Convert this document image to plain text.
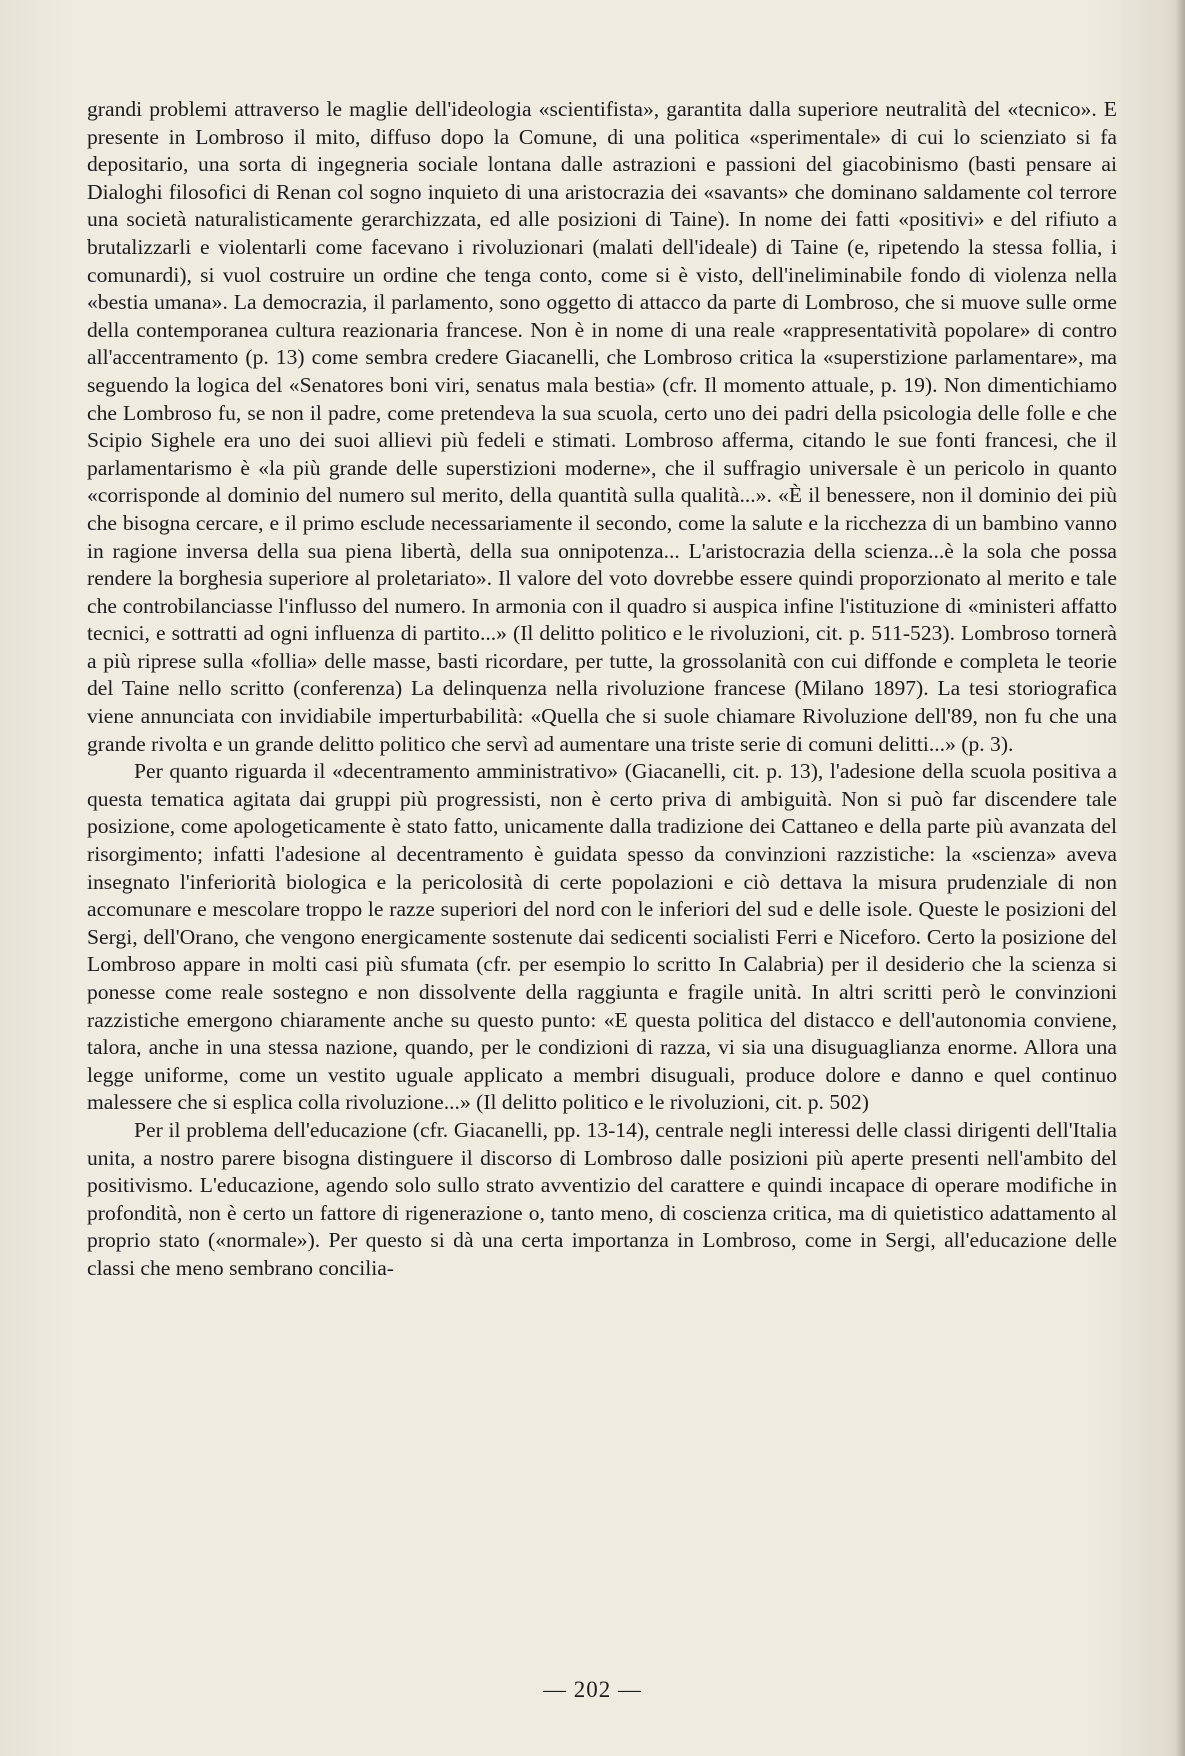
grandi problemi attraverso le maglie dell'ideologia «scientifista», garantita dalla superiore neutralità del «tecnico». E presente in Lombroso il mito, diffuso dopo la Comune, di una politica «sperimentale» di cui lo scienziato si fa depositario, una sorta di ingegneria sociale lontana dalle astrazioni e passioni del giacobinismo (basti pensare ai Dialoghi filosofici di Renan col sogno inquieto di una aristocrazia dei «savants» che dominano saldamente col terrore una società naturalisticamente gerarchizzata, ed alle posizioni di Taine). In nome dei fatti «positivi» e del rifiuto a brutalizzarli e violentarli come facevano i rivoluzionari (malati dell'ideale) di Taine (e, ripetendo la stessa follia, i comunardi), si vuol costruire un ordine che tenga conto, come si è visto, dell'ineliminabile fondo di violenza nella «bestia umana». La democrazia, il parlamento, sono oggetto di attacco da parte di Lombroso, che si muove sulle orme della contemporanea cultura reazionaria francese. Non è in nome di una reale «rappresentatività popolare» di contro all'accentramento (p. 13) come sembra credere Giacanelli, che Lombroso critica la «superstizione parlamentare», ma seguendo la logica del «Senatores boni viri, senatus mala bestia» (cfr. Il momento attuale, p. 19). Non dimentichiamo che Lombroso fu, se non il padre, come pretendeva la sua scuola, certo uno dei padri della psicologia delle folle e che Scipio Sighele era uno dei suoi allievi più fedeli e stimati. Lombroso afferma, citando le sue fonti francesi, che il parlamentarismo è «la più grande delle superstizioni moderne», che il suffragio universale è un pericolo in quanto «corrisponde al dominio del numero sul merito, della quantità sulla qualità...». «È il benessere, non il dominio dei più che bisogna cercare, e il primo esclude necessariamente il secondo, come la salute e la ricchezza di un bambino vanno in ragione inversa della sua piena libertà, della sua onnipotenza... L'aristocrazia della scienza...è la sola che possa rendere la borghesia superiore al proletariato». Il valore del voto dovrebbe essere quindi proporzionato al merito e tale che controbilanciasse l'influsso del numero. In armonia con il quadro si auspica infine l'istituzione di «ministeri affatto tecnici, e sottratti ad ogni influenza di partito...» (Il delitto politico e le rivoluzioni, cit. p. 511-523). Lombroso tornerà a più riprese sulla «follia» delle masse, basti ricordare, per tutte, la grossolanità con cui diffonde e completa le teorie del Taine nello scritto (conferenza) La delinquenza nella rivoluzione francese (Milano 1897). La tesi storiografica viene annunciata con invidiabile imperturbabilità: «Quella che si suole chiamare Rivoluzione dell'89, non fu che una grande rivolta e un grande delitto politico che servì ad aumentare una triste serie di comuni delitti...» (p. 3).

Per quanto riguarda il «decentramento amministrativo» (Giacanelli, cit. p. 13), l'adesione della scuola positiva a questa tematica agitata dai gruppi più progressisti, non è certo priva di ambiguità. Non si può far discendere tale posizione, come apologeticamente è stato fatto, unicamente dalla tradizione dei Cattaneo e della parte più avanzata del risorgimento; infatti l'adesione al decentramento è guidata spesso da convinzioni razzistiche: la «scienza» aveva insegnato l'inferiorità biologica e la pericolosità di certe popolazioni e ciò dettava la misura prudenziale di non accomunare e mescolare troppo le razze superiori del nord con le inferiori del sud e delle isole. Queste le posizioni del Sergi, dell'Orano, che vengono energicamente sostenute dai sedicenti socialisti Ferri e Niceforo. Certo la posizione del Lombroso appare in molti casi più sfumata (cfr. per esempio lo scritto In Calabria) per il desiderio che la scienza si ponesse come reale sostegno e non dissolvente della raggiunta e fragile unità. In altri scritti però le convinzioni razzistiche emergono chiaramente anche su questo punto: «E questa politica del distacco e dell'autonomia conviene, talora, anche in una stessa nazione, quando, per le condizioni di razza, vi sia una disuguaglianza enorme. Allora una legge uniforme, come un vestito uguale applicato a membri disuguali, produce dolore e danno e quel continuo malessere che si esplica colla rivoluzione...» (Il delitto politico e le rivoluzioni, cit. p. 502)

Per il problema dell'educazione (cfr. Giacanelli, pp. 13-14), centrale negli interessi delle classi dirigenti dell'Italia unita, a nostro parere bisogna distinguere il discorso di Lombroso dalle posizioni più aperte presenti nell'ambito del positivismo. L'educazione, agendo solo sullo strato avventizio del carattere e quindi incapace di operare modifiche in profondità, non è certo un fattore di rigenerazione o, tanto meno, di coscienza critica, ma di quietistico adattamento al proprio stato («normale»). Per questo si dà una certa importanza in Lombroso, come in Sergi, all'educazione delle classi che meno sembrano concilia-

— 202 —
